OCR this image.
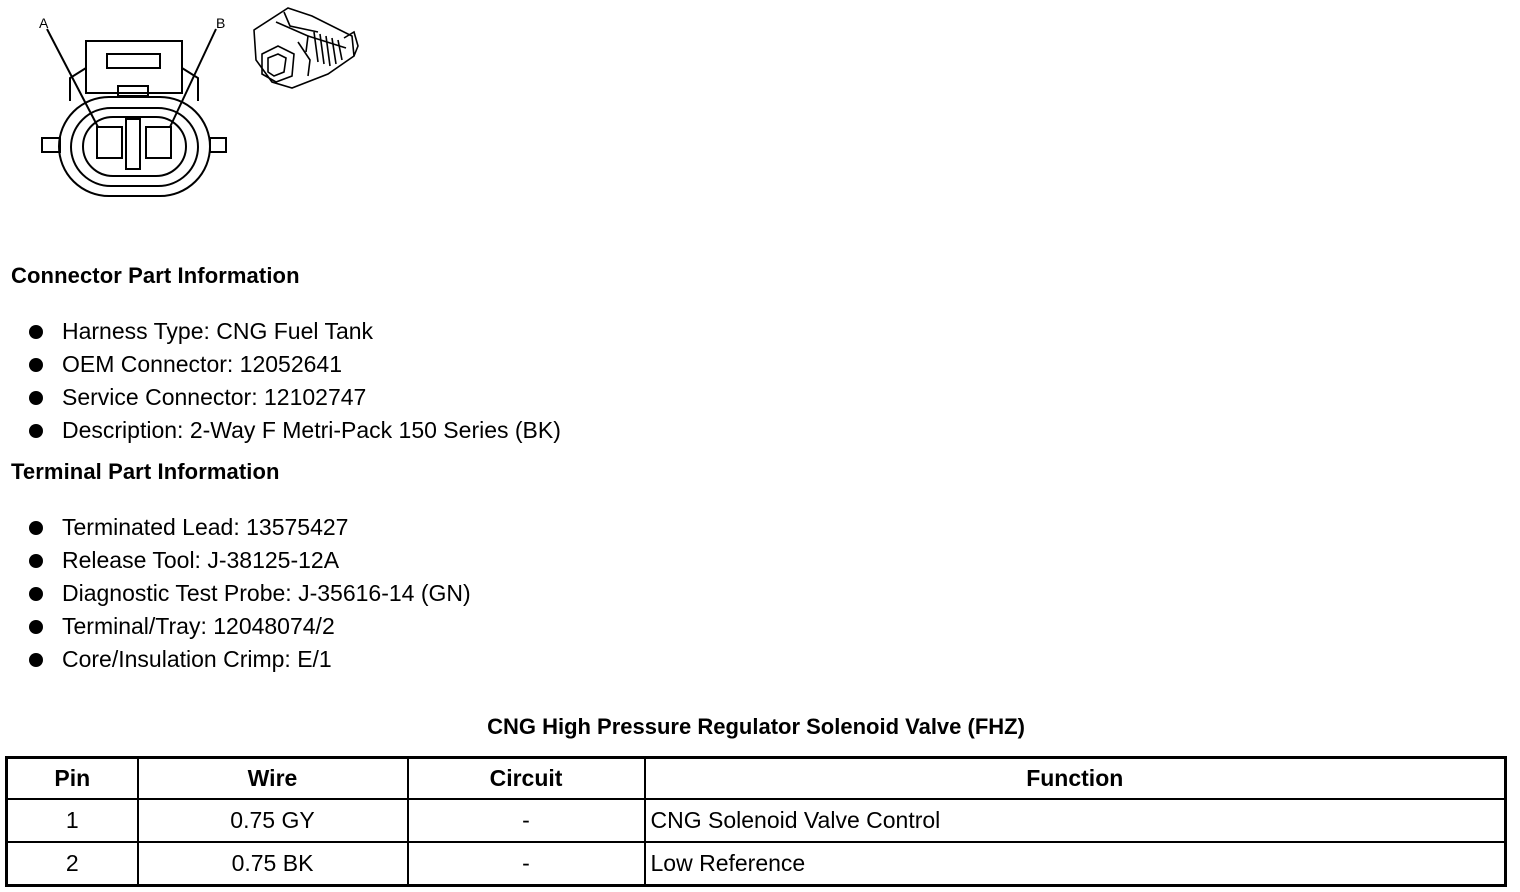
A	B
Connector Part Information
Harness Type: CNG Fuel Tank
OEM Connector: 12052641
Service Connector: 12102747
Description: 2-Way F Metri-Pack 150 Series (BK)
Terminal Part Information
Terminated Lead: 13575427
Release Tool: J-38125-12A
Diagnostic Test Probe: J-35616-14 (GN)
Terminal/Tray: 12048074/2
Core/Insulation Crimp: E/1
CNG High Pressure Regulator Solenoid Valve (FHZ)
Pin	Wire	Circuit	Function
1	0.75 GY	-	CNG Solenoid Valve Control
2	0.75 BK	-	Low Reference
